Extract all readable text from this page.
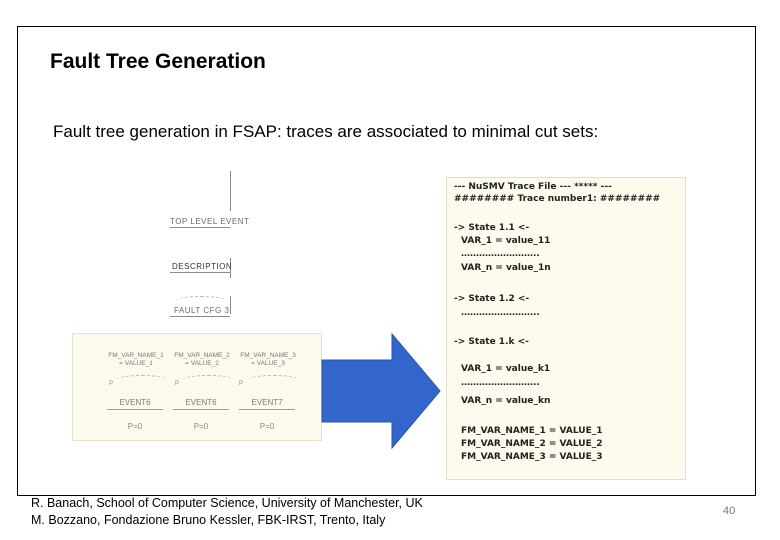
Fault Tree Generation
Fault tree generation in FSAP: traces are associated to minimal cut sets:
TOP LEVEL EVENT
DESCRIPTION
FAULT CFG 3
FM_VAR_NAME_1
= VALUE_1
FM_VAR_NAME_2
= VALUE_2
FM_VAR_NAME_3
= VALUE_3
P	P	P
EVENT6	EVENT6	EVENT7
P=0	P=0	P=0
--- NuSMV Trace File --- ***** ---
######## Trace number1: ########
-> State 1.1 <-
VAR_1 = value_11
……………………..
VAR_n = value_1n
-> State 1.2 <-
……………………..
-> State 1.k <-
VAR_1 = value_k1
……………………..
VAR_n = value_kn
FM_VAR_NAME_1 = VALUE_1
FM_VAR_NAME_2 = VALUE_2
FM_VAR_NAME_3 = VALUE_3
R. Banach, School of Computer Science, University of Manchester, UK
M. Bozzano, Fondazione Bruno Kessler, FBK-IRST, Trento, Italy
40
